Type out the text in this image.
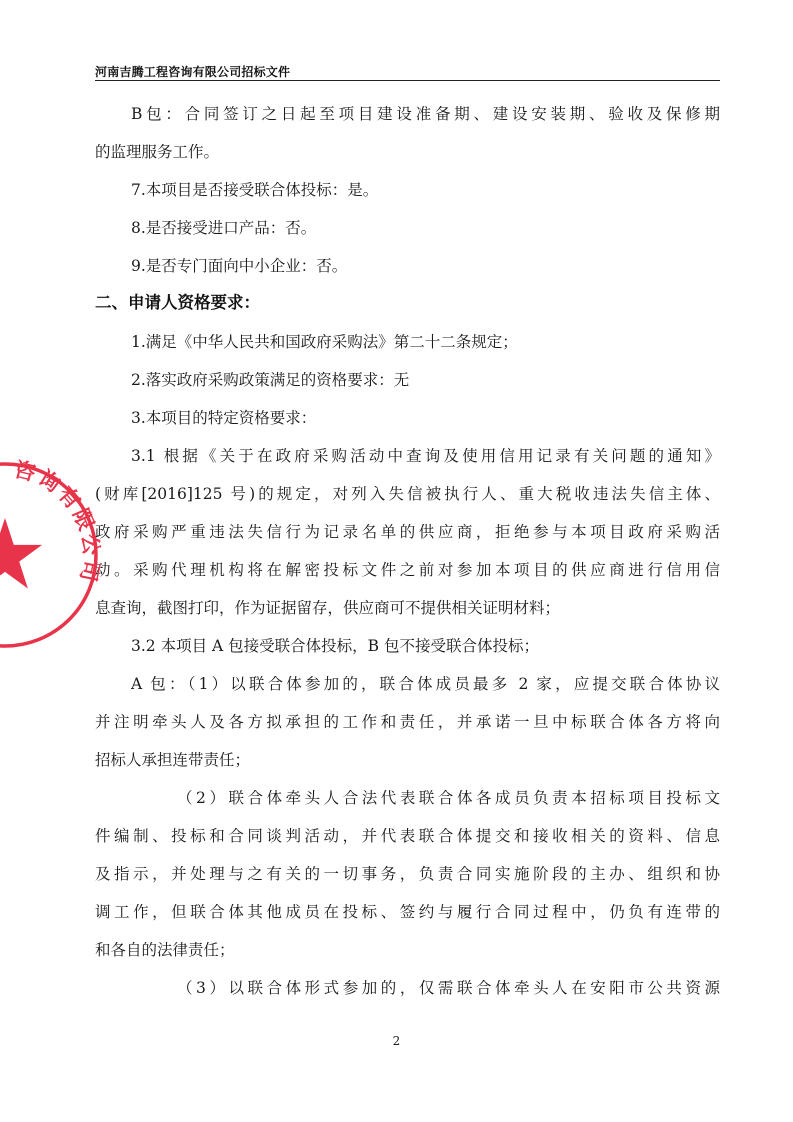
河南吉腾工程咨询有限公司招标文件
B包：合同签订之日起至项目建设准备期、建设安装期、验收及保修期
的监理服务工作。
7.本项目是否接受联合体投标：是。
8.是否接受进口产品：否。
9.是否专门面向中小企业：否。
二、申请人资格要求：
1.满足《中华人民共和国政府采购法》第二十二条规定；
2.落实政府采购政策满足的资格要求：无
3.本项目的特定资格要求：
3.1 根据《关于在政府采购活动中查询及使用信用记录有关问题的通知》
(财库[2016]125 号)的规定，对列入失信被执行人、重大税收违法失信主体、
政府采购严重违法失信行为记录名单的供应商，拒绝参与本项目政府采购活
动。采购代理机构将在解密投标文件之前对参加本项目的供应商进行信用信
息查询，截图打印，作为证据留存，供应商可不提供相关证明材料；
3.2 本项目 A 包接受联合体投标，B 包不接受联合体投标；
A 包：（1）以联合体参加的，联合体成员最多 2 家，应提交联合体协议
并注明牵头人及各方拟承担的工作和责任，并承诺一旦中标联合体各方将向
招标人承担连带责任；
（2）联合体牵头人合法代表联合体各成员负责本招标项目投标文
件编制、投标和合同谈判活动，并代表联合体提交和接收相关的资料、信息
及指示，并处理与之有关的一切事务，负责合同实施阶段的主办、组织和协
调工作，但联合体其他成员在投标、签约与履行合同过程中，仍负有连带的
和各自的法律责任；
（3）以联合体形式参加的，仅需联合体牵头人在安阳市公共资源
咨询有限公司
2
